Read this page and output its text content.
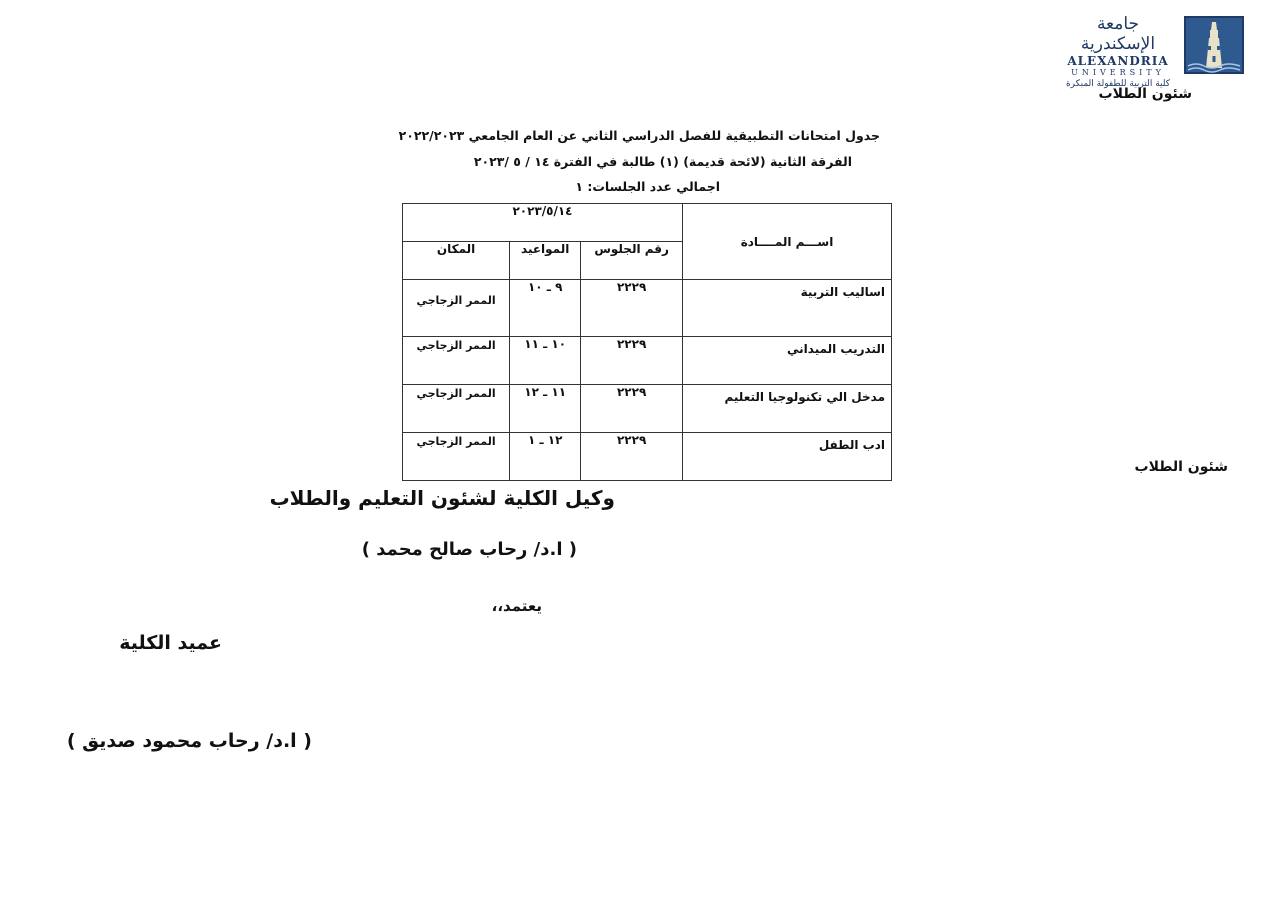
جامعة الإسكندرية
ALEXANDRIA
UNIVERSITY
كلية التربية للطفولة المبكرة
شئون الطلاب
جدول امتحانات التطبيقية للفصل الدراسي الثاني عن العام الجامعي ٢٠٢٢/٢٠٢٣
الفرقة الثانية (لائحة قديمة) (١) طالبة في الفترة ١٤ / ٥ /٢٠٢٣
اجمالي عدد الجلسات: ١
اســـم المــــادة	٢٠٢٣/٥/١٤		
	رقم الجلوس	المواعيد	المكان
اساليب التربية	٢٢٢٩	٩ ـ ١٠	الممر الزجاجي
التدريب الميداني	٢٢٢٩	١٠ ـ ١١	الممر الزجاجي
مدخل الي تكنولوجيا التعليم	٢٢٢٩	١١ ـ ١٢	الممر الزجاجي
ادب الطفل	٢٢٢٩	١٢ ـ ١	الممر الزجاجي
شئون الطلاب
وكيل الكلية لشئون التعليم والطلاب
( ا.د/ رحاب صالح محمد )
يعتمد،،
عميد الكلية
( ا.د/ رحاب محمود صديق )
